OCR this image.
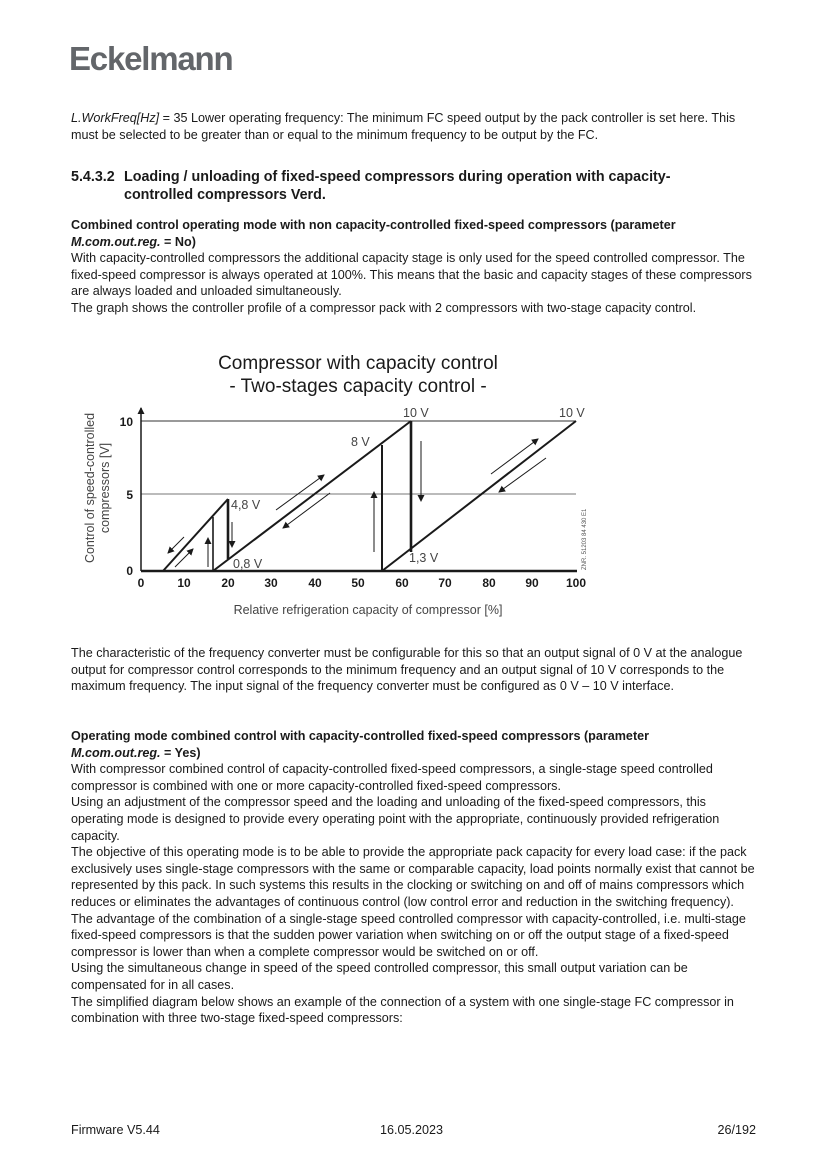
Eckelmann

L.WorkFreq[Hz] = 35 Lower operating frequency: The minimum FC speed output by the pack controller is set here. This must be selected to be greater than or equal to the minimum frequency to be output by the FC.

5.4.3.2 Loading / unloading of fixed-speed compressors during operation with capacity-controlled compressors Verd.

Combined control operating mode with non capacity-controlled fixed-speed compressors (parameter
M.com.out.reg. = No)
With capacity-controlled compressors the additional capacity stage is only used for the speed controlled compressor. The fixed-speed compressor is always operated at 100%. This means that the basic and capacity stages of these compressors are always loaded and unloaded simultaneously.
The graph shows the controller profile of a compressor pack with 2 compressors with two-stage capacity control.

Compressor with capacity control
- Two-stages capacity control -
Control of speed-controlled compressors [V]
10
5
0
0	10	20 30	40 50	60 70	80 90 100
Relative refrigeration capacity of compressor [%]
4,8 V
0,8 V
8 V
10 V
1,3 V
10 V
ZNR. 51203 84 430 E1

The characteristic of the frequency converter must be configurable for this so that an output signal of 0 V at the analogue output for compressor control corresponds to the minimum frequency and an output signal of 10 V corresponds to the maximum frequency. The input signal of the frequency converter must be configured as 0 V – 10 V interface.

Operating mode combined control with capacity-controlled fixed-speed compressors (parameter
M.com.out.reg. = Yes)
With compressor combined control of capacity-controlled fixed-speed compressors, a single-stage speed controlled compressor is combined with one or more capacity-controlled fixed-speed compressors.
Using an adjustment of the compressor speed and the loading and unloading of the fixed-speed compressors, this operating mode is designed to provide every operating point with the appropriate, continuously provided refrigeration capacity.
The objective of this operating mode is to be able to provide the appropriate pack capacity for every load case: if the pack exclusively uses single-stage compressors with the same or comparable capacity, load points normally exist that cannot be represented by this pack. In such systems this results in the clocking or switching on and off of mains compressors which reduces or eliminates the advantages of continuous control (low control error and reduction in the switching frequency).
The advantage of the combination of a single-stage speed controlled compressor with capacity-controlled, i.e. multi-stage fixed-speed compressors is that the sudden power variation when switching on or off the output stage of a fixed-speed compressor is lower than when a complete compressor would be switched on or off.
Using the simultaneous change in speed of the speed controlled compressor, this small output variation can be compensated for in all cases.
The simplified diagram below shows an example of the connection of a system with one single-stage FC compressor in combination with three two-stage fixed-speed compressors:

Firmware V5.44	16.05.2023	26/192
